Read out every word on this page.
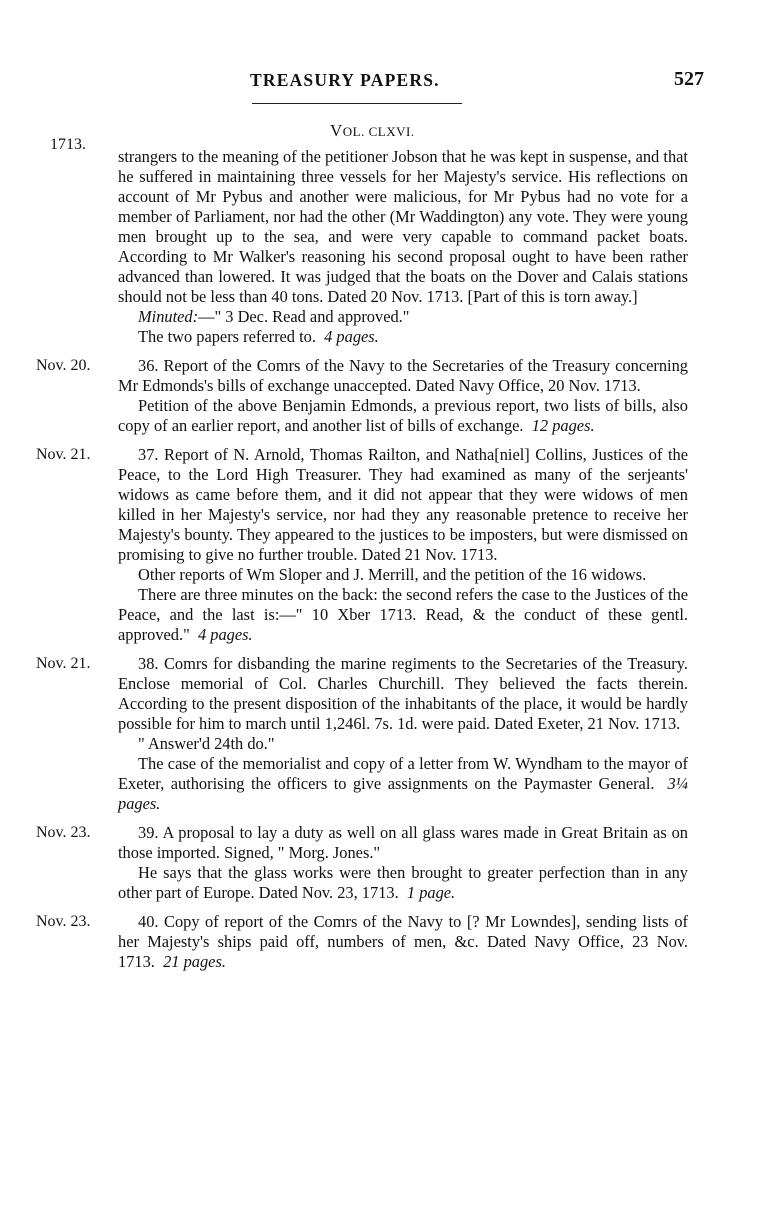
TREASURY PAPERS.	527
VOL. CLXVI.
1713.

strangers to the meaning of the petitioner Jobson that he was kept in suspense, and that he suffered in maintaining three vessels for her Majesty's service. His reflections on account of Mr Pybus and another were malicious, for Mr Pybus had no vote for a member of Parliament, nor had the other (Mr Waddington) any vote. They were young men brought up to the sea, and were very capable to command packet boats. According to Mr Walker's reasoning his second proposal ought to have been rather advanced than lowered. It was judged that the boats on the Dover and Calais stations should not be less than 40 tons. Dated 20 Nov. 1713. [Part of this is torn away.]

Minuted:—" 3 Dec. Read and approved."

The two papers referred to. 4 pages.

Nov. 20.	36. Report of the Comrs of the Navy to the Secretaries of the Treasury concerning Mr Edmonds's bills of exchange unaccepted. Dated Navy Office, 20 Nov. 1713.

Petition of the above Benjamin Edmonds, a previous report, two lists of bills, also copy of an earlier report, and another list of bills of exchange. 12 pages.

Nov. 21.	37. Report of N. Arnold, Thomas Railton, and Natha[niel] Collins, Justices of the Peace, to the Lord High Treasurer. They had examined as many of the serjeants' widows as came before them, and it did not appear that they were widows of men killed in her Majesty's service, nor had they any reasonable pretence to receive her Majesty's bounty. They appeared to the justices to be imposters, but were dismissed on promising to give no further trouble. Dated 21 Nov. 1713.

Other reports of Wm Sloper and J. Merrill, and the petition of the 16 widows.

There are three minutes on the back: the second refers the case to the Justices of the Peace, and the last is:—" 10 Xber 1713. Read, & the conduct of these gentl. approved." 4 pages.

Nov. 21.	38. Comrs for disbanding the marine regiments to the Secretaries of the Treasury. Enclose memorial of Col. Charles Churchill. They believed the facts therein. According to the present disposition of the inhabitants of the place, it would be hardly possible for him to march until 1,246l. 7s. 1d. were paid. Dated Exeter, 21 Nov. 1713.

" Answer'd 24th do."

The case of the memorialist and copy of a letter from W. Wyndham to the mayor of Exeter, authorising the officers to give assignments on the Paymaster General. 3¼ pages.

Nov. 23.	39. A proposal to lay a duty as well on all glass wares made in Great Britain as on those imported. Signed, " Morg. Jones."

He says that the glass works were then brought to greater perfection than in any other part of Europe. Dated Nov. 23, 1713. 1 page.

Nov. 23.	40. Copy of report of the Comrs of the Navy to [? Mr Lowndes], sending lists of her Majesty's ships paid off, numbers of men, &c. Dated Navy Office, 23 Nov. 1713. 21 pages.
